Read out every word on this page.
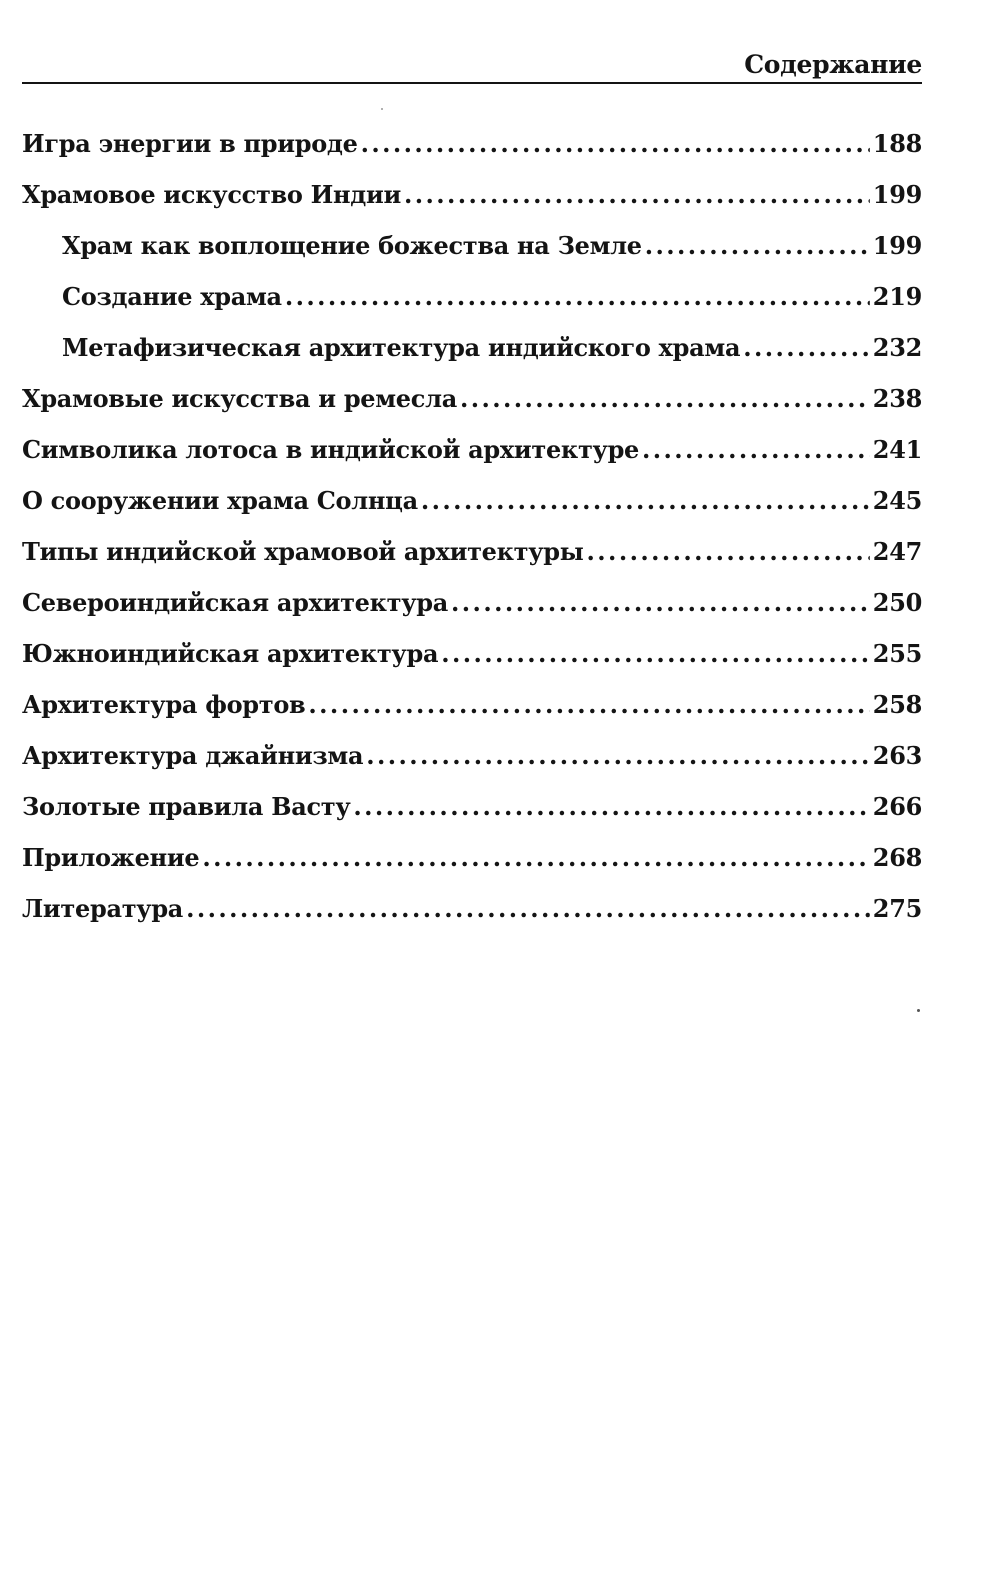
Содержание
Игра энергии в природе .....	188
Храмовое искусство Индии .....	199
Храм как воплощение божества на Земле .....	199
Создание храма .....	219
Метафизическая архитектура индийского храма .....	232
Храмовые искусства и ремесла .....	238
Символика лотоса в индийской архитектуре .....	241
О сооружении храма Солнца .....	245
Типы индийской храмовой архитектуры .....	247
Североиндийская архитектура .....	250
Южноиндийская архитектура .....	255
Архитектура фортов .....	258
Архитектура джайнизма .....	263
Золотые правила Васту .....	266
Приложение .....	268
Литература .....	275
